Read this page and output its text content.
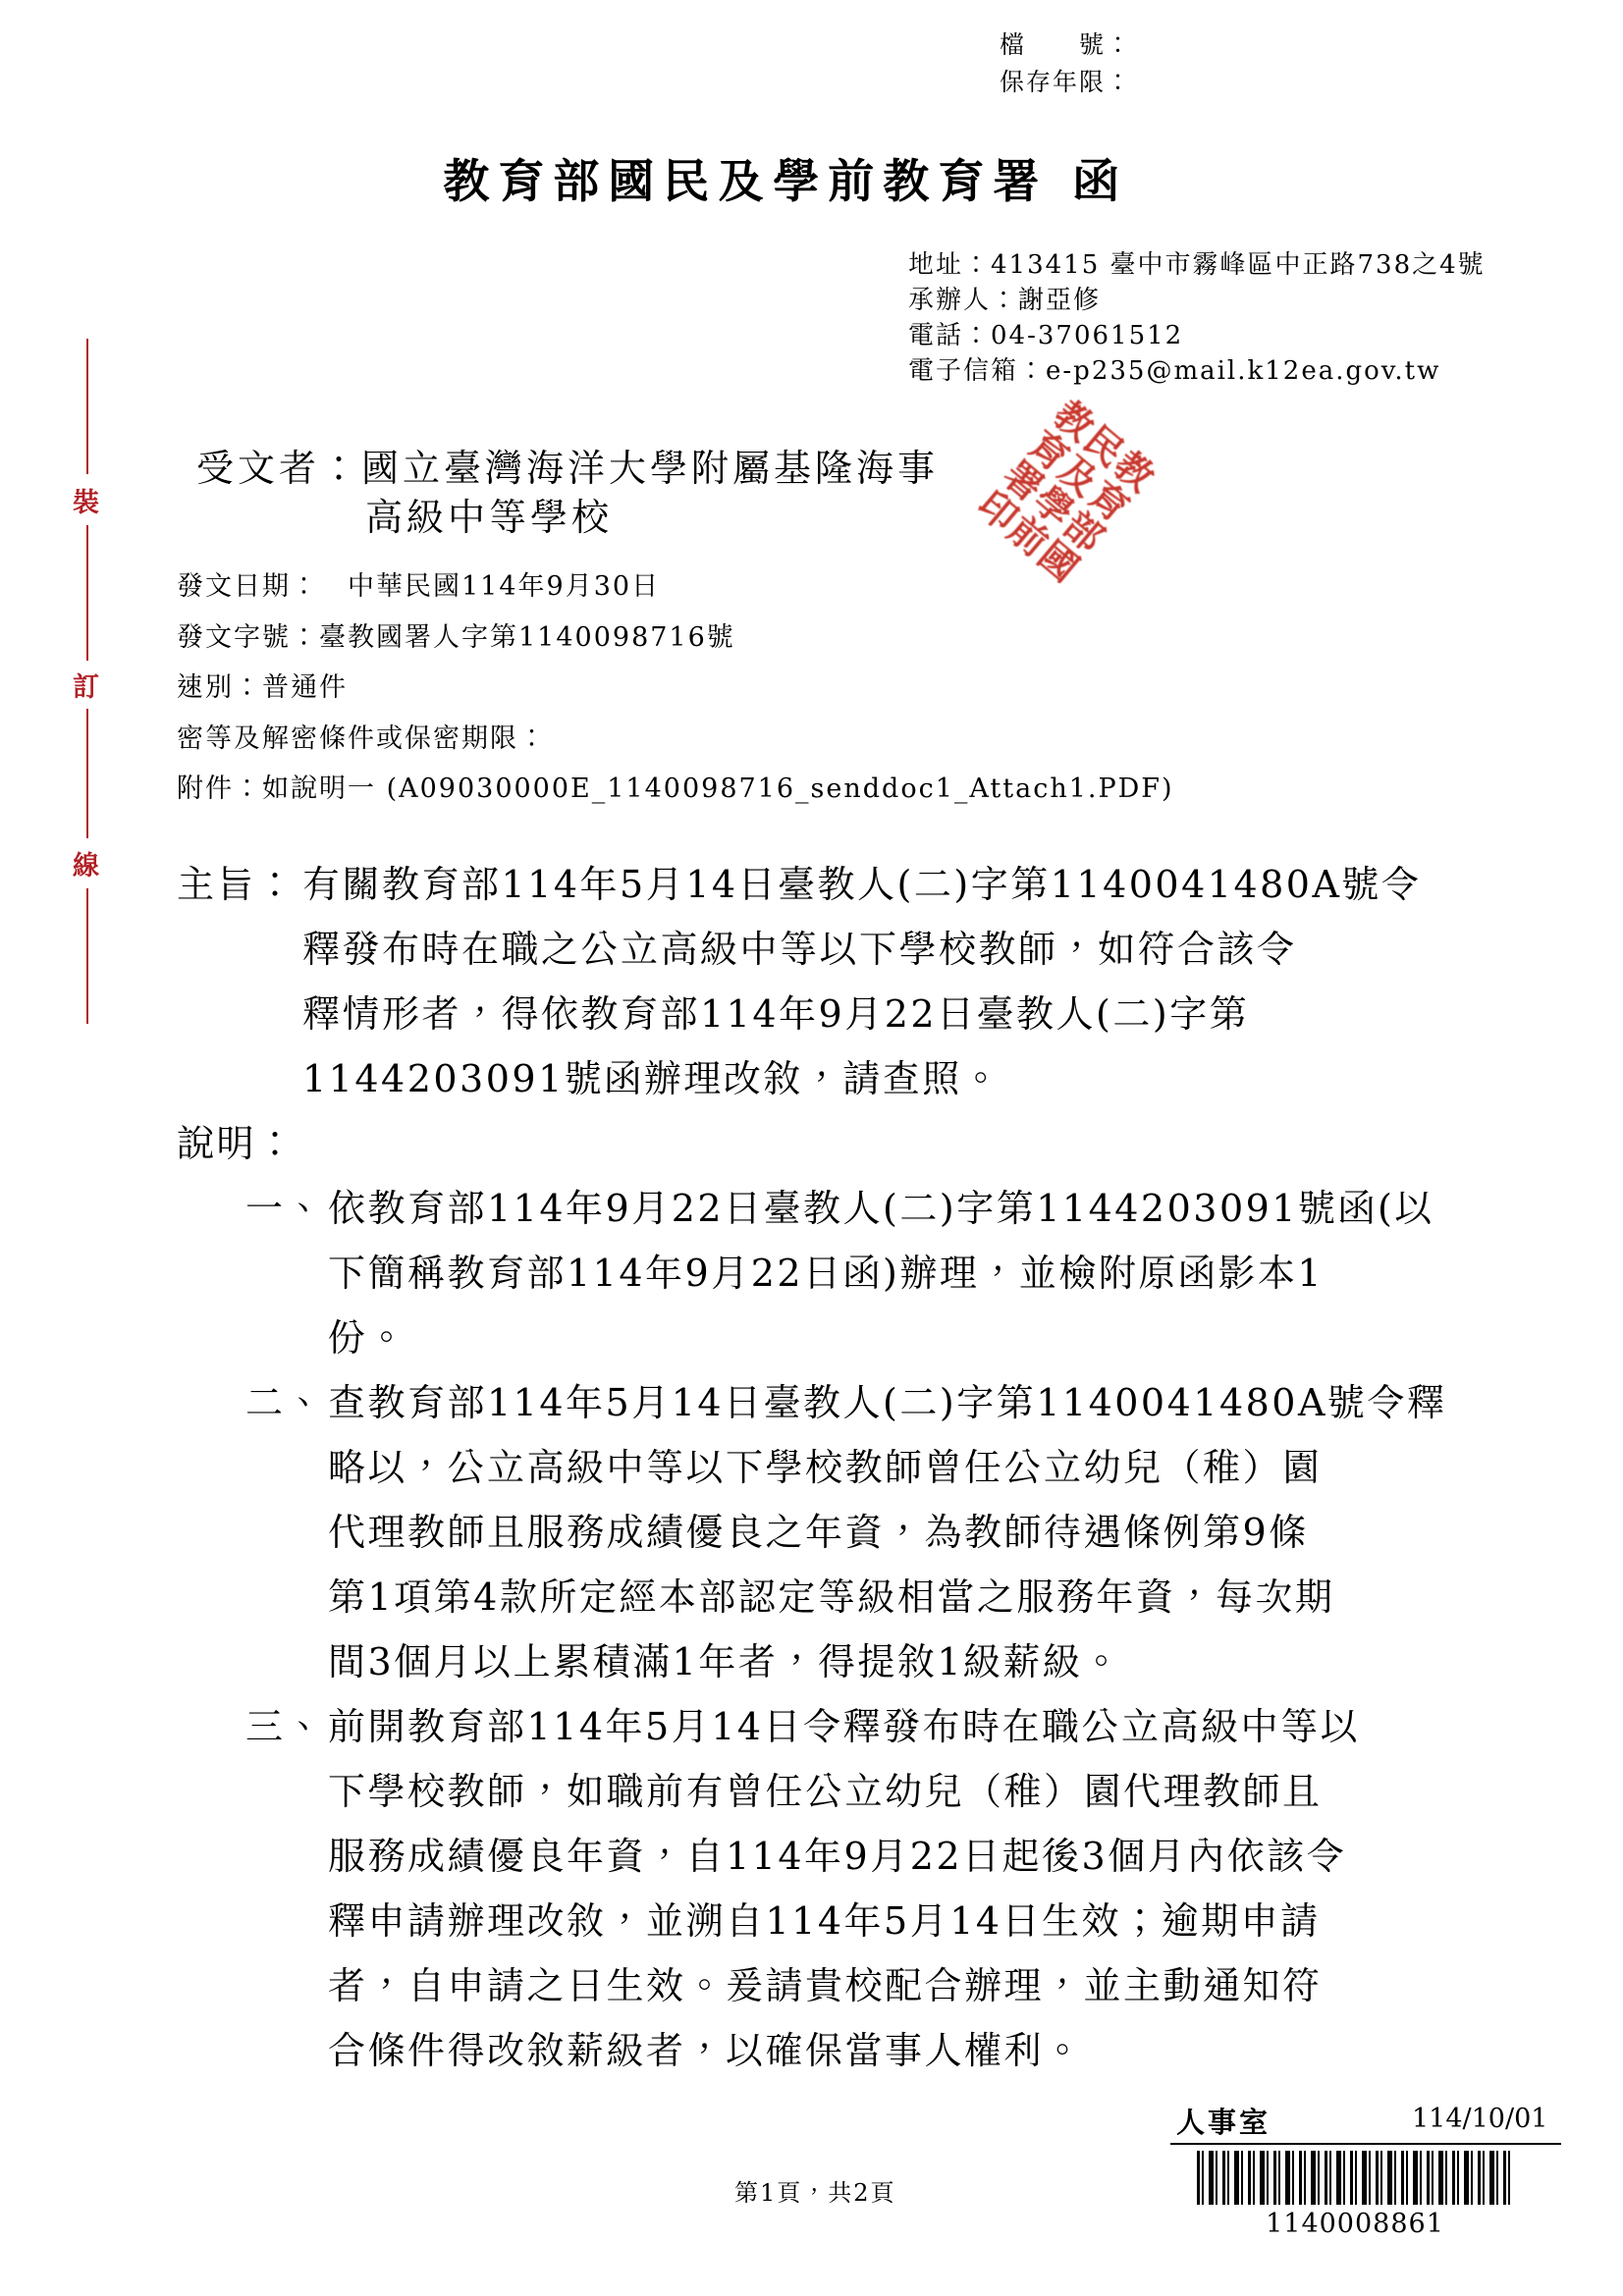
檔　　號：
保存年限：
教育部國民及學前教育署 函
地址：413415 臺中市霧峰區中正路738之4號
承辦人：謝亞修
電話：04-37061512
電子信箱：e-p235@mail.k12ea.gov.tw
裝
訂
線
教育部國民及學前教育署印
受文者：國立臺灣海洋大學附屬基隆海事
高級中等學校
發文日期：　中華民國114年9月30日
發文字號：臺教國署人字第1140098716號
速別：普通件
密等及解密條件或保密期限：
附件：如說明一 (A09030000E_1140098716_senddoc1_Attach1.PDF)
主旨： 有關教育部114年5月14日臺教人(二)字第1140041480A號令
釋發布時在職之公立高級中等以下學校教師，如符合該令
釋情形者，得依教育部114年9月22日臺教人(二)字第
1144203091號函辦理改敘，請查照。
說明：
一、 依教育部114年9月22日臺教人(二)字第1144203091號函(以
下簡稱教育部114年9月22日函)辦理，並檢附原函影本1
份。
二、 查教育部114年5月14日臺教人(二)字第1140041480A號令釋
略以，公立高級中等以下學校教師曾任公立幼兒（稚）園
代理教師且服務成績優良之年資，為教師待遇條例第9條
第1項第4款所定經本部認定等級相當之服務年資，每次期
間3個月以上累積滿1年者，得提敘1級薪級。
三、 前開教育部114年5月14日令釋發布時在職公立高級中等以
下學校教師，如職前有曾任公立幼兒（稚）園代理教師且
服務成績優良年資，自114年9月22日起後3個月內依該令
釋申請辦理改敘，並溯自114年5月14日生效；逾期申請
者，自申請之日生效。爰請貴校配合辦理，並主動通知符
合條件得改敘薪級者，以確保當事人權利。
人事室	114/10/01
1140008861
第1頁，共2頁
